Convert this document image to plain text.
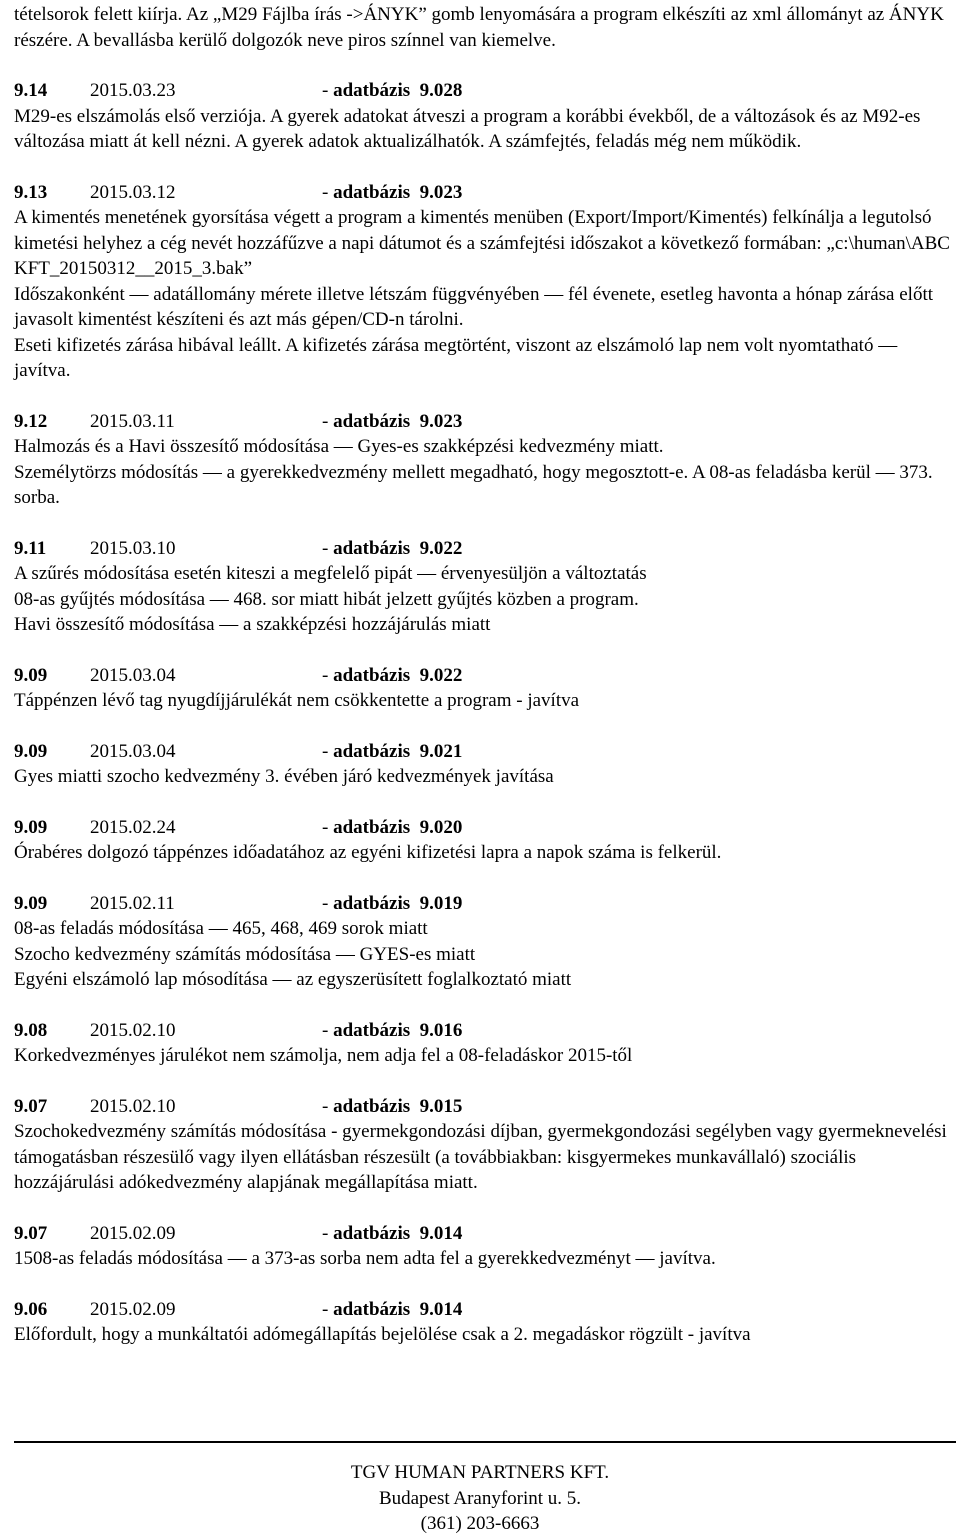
tételsorok felett kiírja. Az „M29 Fájlba írás ->ÁNYK” gomb lenyomására a program elkészíti az xml állományt az ÁNYK részére. A bevallásba kerülő dolgozók neve piros színnel van kiemelve.

9.14 2015.03.23	- adatbázis  9.028

M29-es elszámolás első verziója. A gyerek adatokat átveszi a program a korábbi évekből, de a változások és az M92-es változása miatt át kell nézni. A gyerek adatok aktualizálhatók. A számfejtés, feladás még nem működik.

9.13 2015.03.12	- adatbázis  9.023

A kimentés menetének gyorsítása végett a program a kimentés menüben (Export/Import/Kimentés) felkínálja a legutolsó kimetési helyhez a cég nevét hozzáfűzve a napi dátumot és a számfejtési időszakot a következő formában: „c:\human\ABC KFT_20150312__2015_3.bak”

Időszakonként — adatállomány mérete illetve létszám függvényében — fél évenete, esetleg havonta a hónap zárása előtt javasolt kimentést készíteni és azt más gépen/CD-n tárolni.

Eseti kifizetés zárása hibával leállt. A kifizetés zárása megtörtént, viszont az elszámoló lap nem volt nyomtatható — javítva.

9.12 2015.03.11	- adatbázis  9.023

Halmozás és a Havi összesítő módosítása — Gyes-es szakképzési kedvezmény miatt.

Személytörzs módosítás — a gyerekkedvezmény mellett megadható, hogy megosztott-e. A 08-as feladásba kerül — 373. sorba.

9.11 2015.03.10	- adatbázis  9.022

A szűrés módosítása esetén kiteszi a megfelelő pipát — érvenyesüljön a változtatás

08-as gyűjtés módosítása — 468. sor miatt hibát jelzett gyűjtés közben a program.

Havi összesítő módosítása — a szakképzési hozzájárulás miatt

9.09 2015.03.04	- adatbázis  9.022

Táppénzen lévő tag nyugdíjjárulékát nem csökkentette a program - javítva

9.09 2015.03.04	- adatbázis  9.021

Gyes miatti szocho kedvezmény 3. évében járó kedvezmények javítása

9.09 2015.02.24	- adatbázis  9.020

Órabéres dolgozó táppénzes időadatához az egyéni kifizetési lapra a napok száma is felkerül.

9.09 2015.02.11	- adatbázis  9.019

08-as feladás módosítása — 465, 468, 469 sorok miatt

Szocho kedvezmény számítás módosítása — GYES-es miatt

Egyéni elszámoló lap mósodítása — az egyszerüsített foglalkoztató miatt

9.08 2015.02.10	- adatbázis  9.016

Korkedvezményes járulékot nem számolja, nem adja fel a 08-feladáskor 2015-től

9.07 2015.02.10	- adatbázis  9.015

Szochokedvezmény számítás módosítása - gyermekgondozási díjban, gyermekgondozási segélyben vagy gyermeknevelési támogatásban részesülő vagy ilyen ellátásban részesült (a továbbiakban: kisgyermekes munkavállaló) szociális hozzájárulási adókedvezmény alapjának megállapítása miatt.

9.07 2015.02.09	- adatbázis  9.014

1508-as feladás módosítása — a 373-as sorba nem adta fel a gyerekkedvezményt — javítva.

9.06 2015.02.09	- adatbázis  9.014

Előfordult, hogy a munkáltatói adómegállapítás bejelölése csak a 2. megadáskor rögzült - javítva

TGV HUMAN PARTNERS KFT.

Budapest Aranyforint u. 5.

(361) 203-6663
